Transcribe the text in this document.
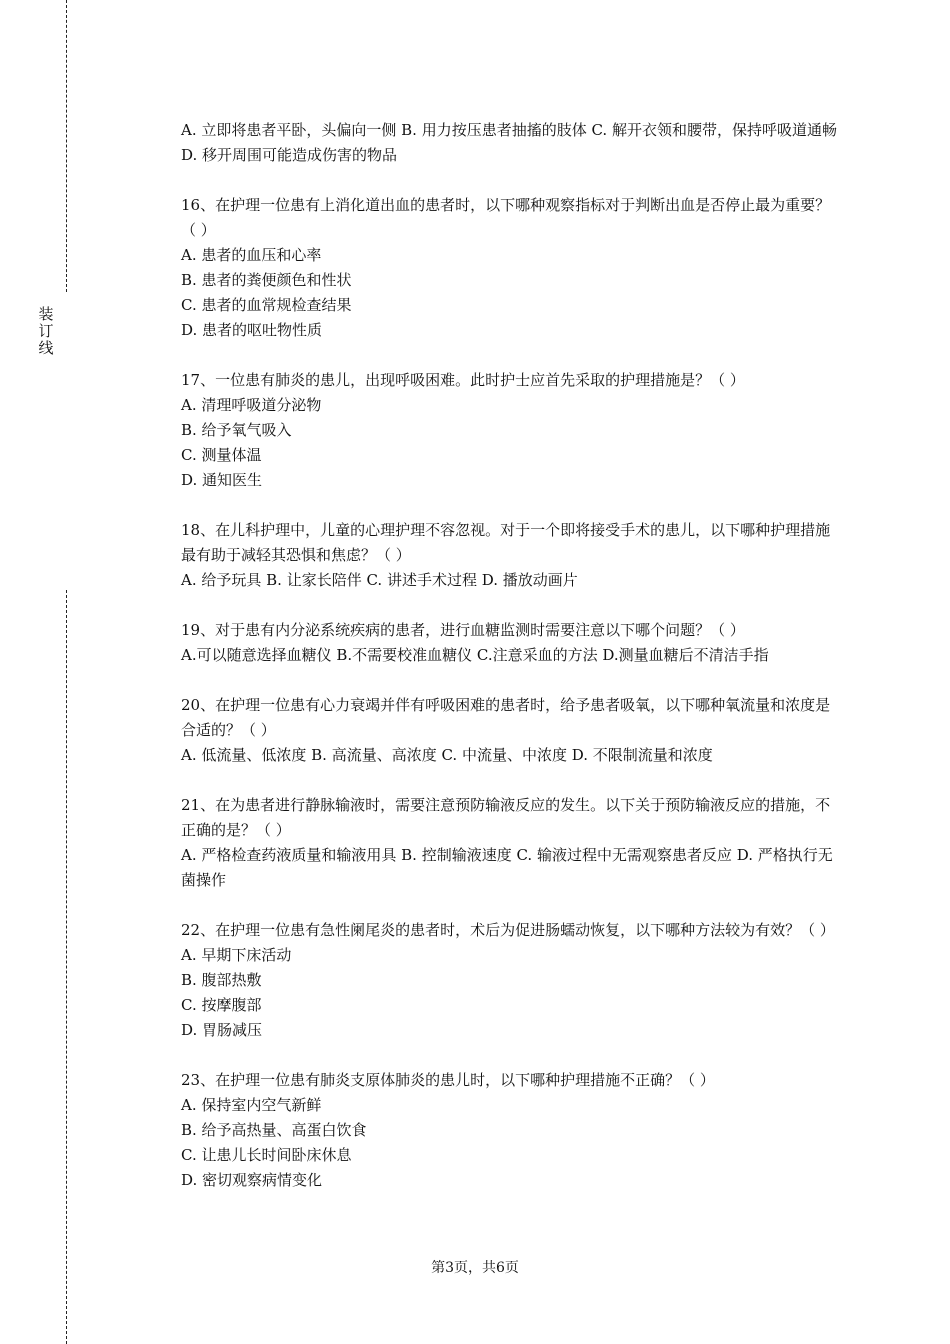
装
订
线

A. 立即将患者平卧，头偏向一侧 B. 用力按压患者抽搐的肢体 C. 解开衣领和腰带，保持呼吸道通畅 D. 移开周围可能造成伤害的物品

16、在护理一位患有上消化道出血的患者时，以下哪种观察指标对于判断出血是否停止最为重要？（ ）

A. 患者的血压和心率

B. 患者的粪便颜色和性状

C. 患者的血常规检查结果

D. 患者的呕吐物性质

17、一位患有肺炎的患儿，出现呼吸困难。此时护士应首先采取的护理措施是？（ ）

A. 清理呼吸道分泌物

B. 给予氧气吸入

C. 测量体温

D. 通知医生

18、在儿科护理中，儿童的心理护理不容忽视。对于一个即将接受手术的患儿，以下哪种护理措施最有助于减轻其恐惧和焦虑？（ ）

A. 给予玩具 B. 让家长陪伴 C. 讲述手术过程 D. 播放动画片

19、对于患有内分泌系统疾病的患者，进行血糖监测时需要注意以下哪个问题？（ ）

A.可以随意选择血糖仪 B.不需要校准血糖仪 C.注意采血的方法 D.测量血糖后不清洁手指

20、在护理一位患有心力衰竭并伴有呼吸困难的患者时，给予患者吸氧，以下哪种氧流量和浓度是合适的？（ ）

A. 低流量、低浓度 B. 高流量、高浓度 C. 中流量、中浓度 D. 不限制流量和浓度

21、在为患者进行静脉输液时，需要注意预防输液反应的发生。以下关于预防输液反应的措施，不正确的是？（ ）

A. 严格检查药液质量和输液用具 B. 控制输液速度 C. 输液过程中无需观察患者反应 D. 严格执行无菌操作

22、在护理一位患有急性阑尾炎的患者时，术后为促进肠蠕动恢复，以下哪种方法较为有效？（ ）

A. 早期下床活动

B. 腹部热敷

C. 按摩腹部

D. 胃肠减压

23、在护理一位患有肺炎支原体肺炎的患儿时，以下哪种护理措施不正确？（ ）

A. 保持室内空气新鲜

B. 给予高热量、高蛋白饮食

C. 让患儿长时间卧床休息

D. 密切观察病情变化

第3页，共6页
